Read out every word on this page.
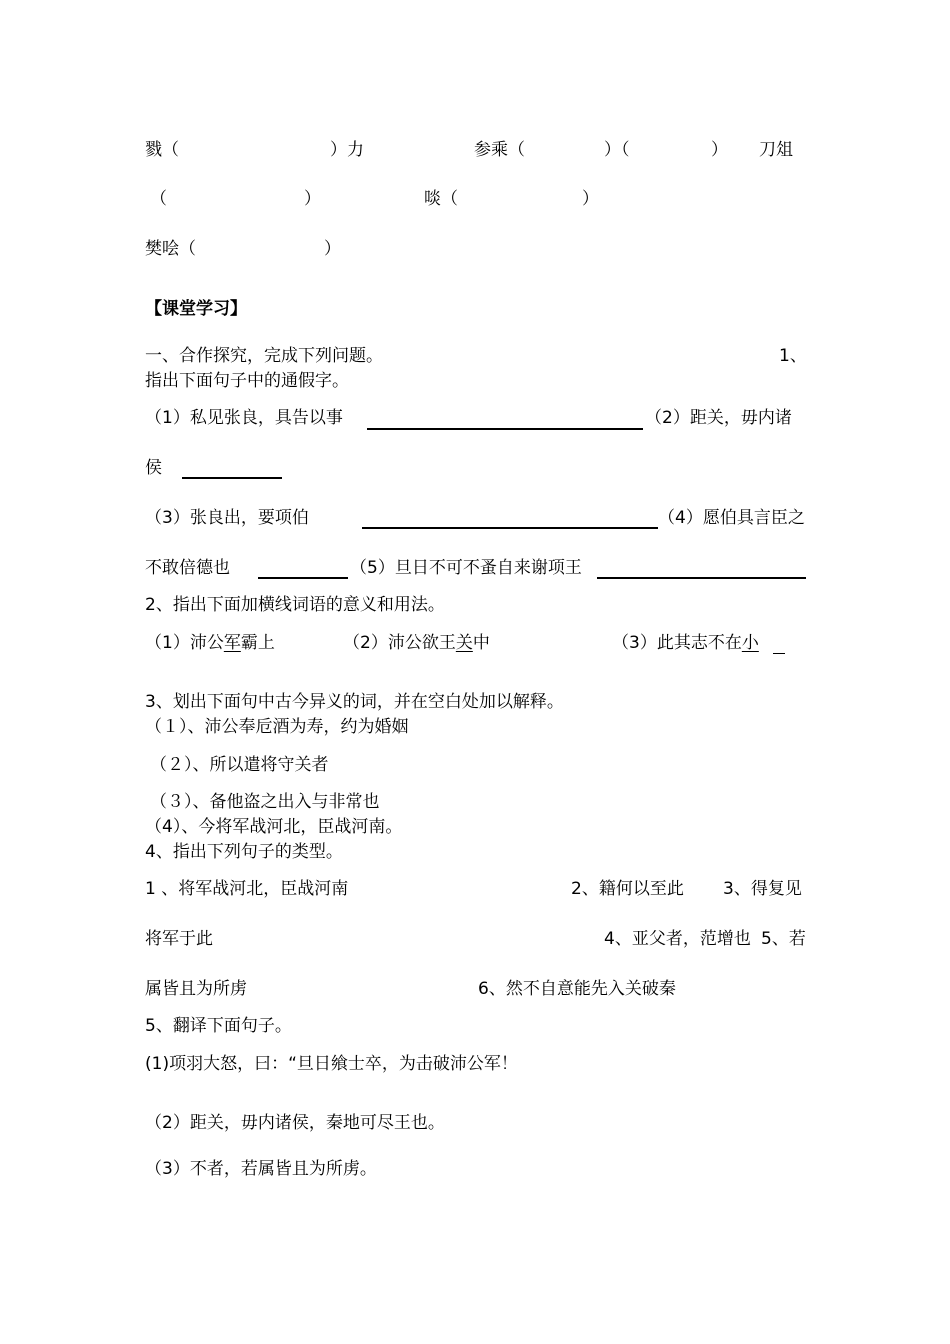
戮（	）力	参乘（	）（	） 刀俎
（	）	啖（	）
樊哙（	）
【课堂学习】
一、合作探究，完成下列问题。	1、
指出下面句子中的通假字。
（1）私见张良，具告以事	（2）距关，毋内诸
侯
（3）张良出，要项伯	（4）愿伯具言臣之
不敢倍德也	（5）旦日不可不蚤自来谢项王
2、指出下面加横线词语的意义和用法。
（1）沛公军霸上	（2）沛公欲王关中	（3）此其志不在小
3、划出下面句中古今异义的词，并在空白处加以解释。
（１）、沛公奉卮酒为寿，约为婚姻
（２）、所以遣将守关者
（３）、备他盗之出入与非常也
（4）、今将军战河北，臣战河南。
4、指出下列句子的类型。
1 、将军战河北，臣战河南	2、籍何以至此 3、得复见
将军于此	4、亚父者，范增也 5、若
属皆且为所虏	6、然不自意能先入关破秦
5、翻译下面句子。
(1)项羽大怒，曰：“旦日飨士卒，为击破沛公军！
（2）距关，毋内诸侯，秦地可尽王也。
（3）不者，若属皆且为所虏。
